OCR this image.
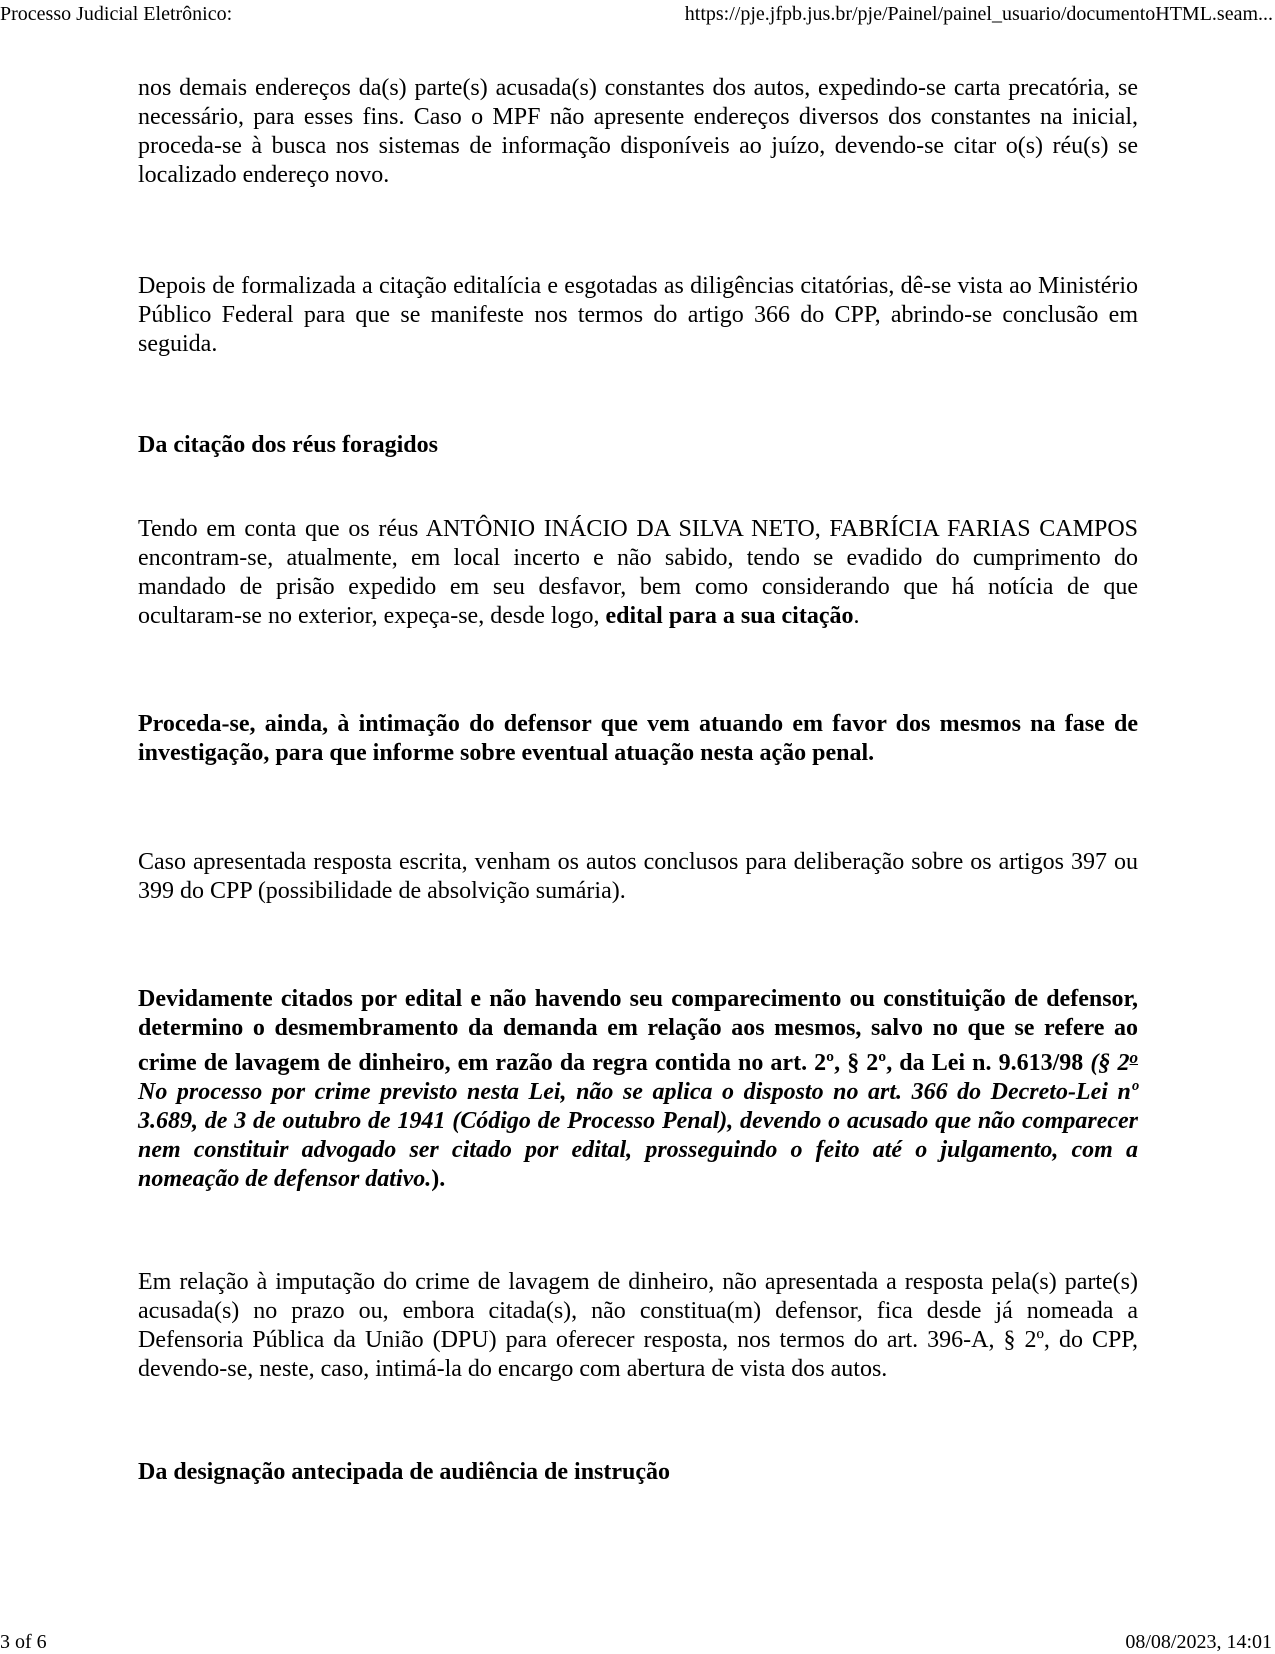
Processo Judicial Eletrônico:	https://pje.jfpb.jus.br/pje/Painel/painel_usuario/documentoHTML.seam...

nos demais endereços da(s) parte(s) acusada(s) constantes dos autos, expedindo-se carta precatória, se necessário, para esses fins. Caso o MPF não apresente endereços diversos dos constantes na inicial, proceda-se à busca nos sistemas de informação disponíveis ao juízo, devendo-se citar o(s) réu(s) se localizado endereço novo.

Depois de formalizada a citação editalícia e esgotadas as diligências citatórias, dê-se vista ao Ministério Público Federal para que se manifeste nos termos do artigo 366 do CPP, abrindo-se conclusão em seguida.

Da citação dos réus foragidos

Tendo em conta que os réus ANTÔNIO INÁCIO DA SILVA NETO, FABRÍCIA FARIAS CAMPOS encontram-se, atualmente, em local incerto e não sabido, tendo se evadido do cumprimento do mandado de prisão expedido em seu desfavor, bem como considerando que há notícia de que ocultaram-se no exterior, expeça-se, desde logo, edital para a sua citação.

Proceda-se, ainda, à intimação do defensor que vem atuando em favor dos mesmos na fase de investigação, para que informe sobre eventual atuação nesta ação penal.

Caso apresentada resposta escrita, venham os autos conclusos para deliberação sobre os artigos 397 ou 399 do CPP (possibilidade de absolvição sumária).

Devidamente citados por edital e não havendo seu comparecimento ou constituição de defensor, determino o desmembramento da demanda em relação aos mesmos, salvo no que se refere ao crime de lavagem de dinheiro, em razão da regra contida no art. 2º, § 2º, da Lei n. 9.613/98 (§ 2$^o$ No processo por crime previsto nesta Lei, não se aplica o disposto no art. 366 do Decreto-Lei nº 3.689, de 3 de outubro de 1941 (Código de Processo Penal), devendo o acusado que não comparecer nem constituir advogado ser citado por edital, prosseguindo o feito até o julgamento, com a nomeação de defensor dativo.).

Em relação à imputação do crime de lavagem de dinheiro, não apresentada a resposta pela(s) parte(s) acusada(s) no prazo ou, embora citada(s), não constitua(m) defensor, fica desde já nomeada a Defensoria Pública da União (DPU) para oferecer resposta, nos termos do art. 396-A, § 2º, do CPP, devendo-se, neste, caso, intimá-la do encargo com abertura de vista dos autos.

Da designação antecipada de audiência de instrução

3 of 6	08/08/2023, 14:01
